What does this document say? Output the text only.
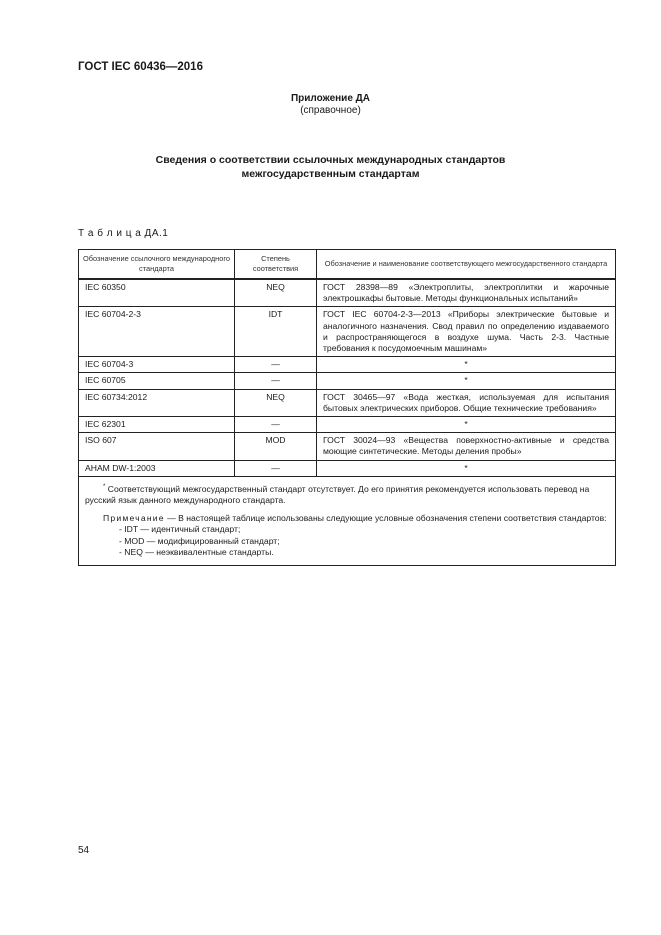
ГОСТ IEC 60436—2016
Приложение ДА
(справочное)
Сведения о соответствии ссылочных международных стандартов
межгосударственным стандартам
Т а б л и ц а ДА.1
Обозначение ссылочного международного стандарта	Степень соответствия	Обозначение и наименование соответствующего межгосударственного стандарта
IEC 60350	NEQ	ГОСТ 28398—89 «Электроплиты, электроплитки и жарочные электрошкафы бытовые. Методы функциональных испытаний»
IEC 60704-2-3	IDT	ГОСТ IEC 60704-2-3—2013 «Приборы электрические бытовые и аналогичного назначения. Свод правил по определению издаваемого и распространяющегося в воздухе шума. Часть 2-3. Частные требования к посудомоечным машинам»
IEC 60704-3	—	*
IEC 60705	—	*
IEC 60734:2012	NEQ	ГОСТ 30465—97 «Вода жесткая, используемая для испытания бытовых электрических приборов. Общие технические требования»
IEC 62301	—	*
ISO 607	MOD	ГОСТ 30024—93 «Вещества поверхностно-активные и средства моющие синтетические. Методы деления пробы»
AHAM DW-1:2003	—	*

* Соответствующий межгосударственный стандарт отсутствует. До его принятия рекомендуется использовать перевод на русский язык данного международного стандарта.

Примечание — В настоящей таблице использованы следующие условные обозначения степени соответствия стандартов:

- IDT — идентичный стандарт;
- MOD — модифицированный стандарт;
- NEQ — неэквивалентные стандарты.		
54
